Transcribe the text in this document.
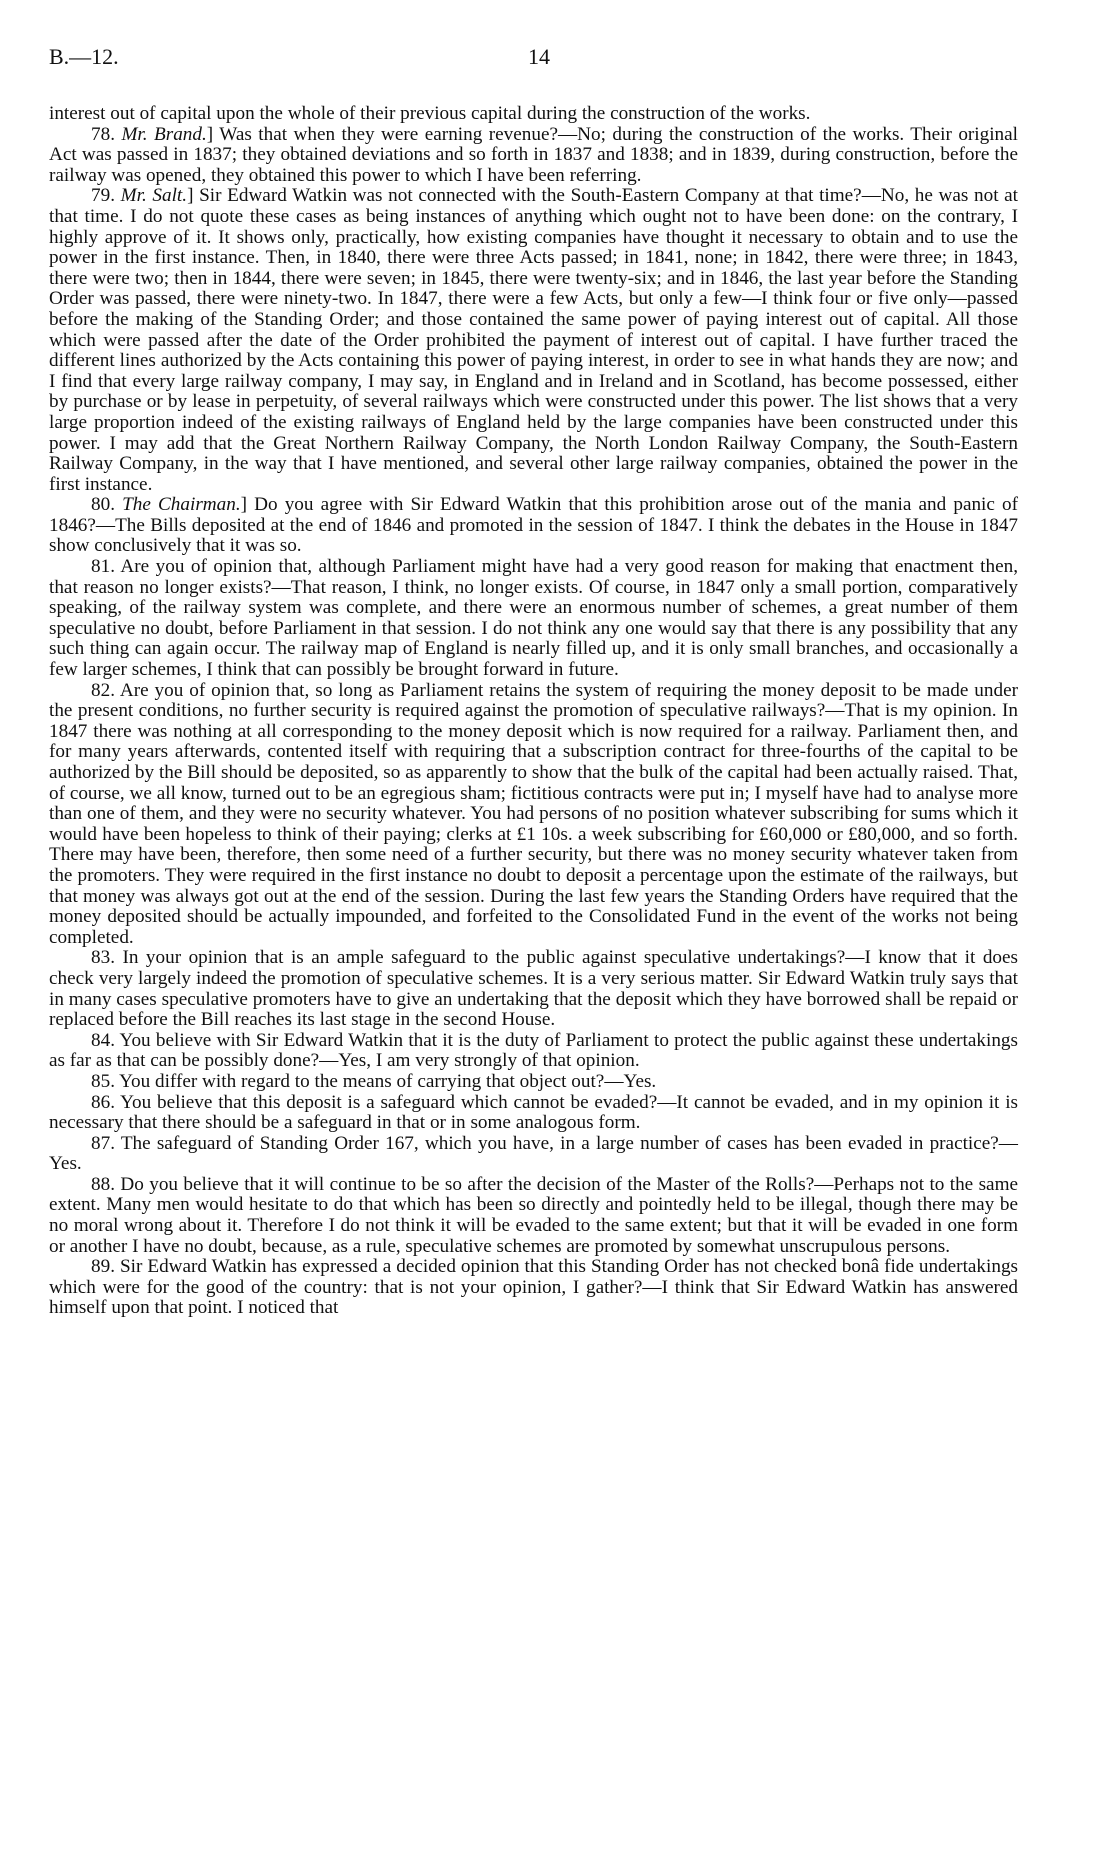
B.—12.	14

interest out of capital upon the whole of their previous capital during the construction of the works.

78. Mr. Brand.] Was that when they were earning revenue?—No; during the construction of the works. Their original Act was passed in 1837; they obtained deviations and so forth in 1837 and 1838; and in 1839, during construction, before the railway was opened, they obtained this power to which I have been referring.

79. Mr. Salt.] Sir Edward Watkin was not connected with the South-Eastern Company at that time?—No, he was not at that time. I do not quote these cases as being instances of anything which ought not to have been done: on the contrary, I highly approve of it. It shows only, practically, how existing companies have thought it necessary to obtain and to use the power in the first instance. Then, in 1840, there were three Acts passed; in 1841, none; in 1842, there were three; in 1843, there were two; then in 1844, there were seven; in 1845, there were twenty-six; and in 1846, the last year before the Standing Order was passed, there were ninety-two. In 1847, there were a few Acts, but only a few—I think four or five only—passed before the making of the Standing Order; and those contained the same power of paying interest out of capital. All those which were passed after the date of the Order prohibited the payment of interest out of capital. I have further traced the different lines authorized by the Acts containing this power of paying interest, in order to see in what hands they are now; and I find that every large railway company, I may say, in England and in Ireland and in Scotland, has become possessed, either by purchase or by lease in perpetuity, of several railways which were constructed under this power. The list shows that a very large proportion indeed of the existing railways of England held by the large companies have been constructed under this power. I may add that the Great Northern Railway Company, the North London Railway Company, the South-Eastern Railway Company, in the way that I have mentioned, and several other large railway companies, obtained the power in the first instance.

80. The Chairman.] Do you agree with Sir Edward Watkin that this prohibition arose out of the mania and panic of 1846?—The Bills deposited at the end of 1846 and promoted in the session of 1847. I think the debates in the House in 1847 show conclusively that it was so.

81. Are you of opinion that, although Parliament might have had a very good reason for making that enactment then, that reason no longer exists?—That reason, I think, no longer exists. Of course, in 1847 only a small portion, comparatively speaking, of the railway system was complete, and there were an enormous number of schemes, a great number of them speculative no doubt, before Parliament in that session. I do not think any one would say that there is any possibility that any such thing can again occur. The railway map of England is nearly filled up, and it is only small branches, and occasionally a few larger schemes, I think that can possibly be brought forward in future.

82. Are you of opinion that, so long as Parliament retains the system of requiring the money deposit to be made under the present conditions, no further security is required against the promotion of speculative railways?—That is my opinion. In 1847 there was nothing at all corresponding to the money deposit which is now required for a railway. Parliament then, and for many years afterwards, contented itself with requiring that a subscription contract for three-fourths of the capital to be authorized by the Bill should be deposited, so as apparently to show that the bulk of the capital had been actually raised. That, of course, we all know, turned out to be an egregious sham; fictitious contracts were put in; I myself have had to analyse more than one of them, and they were no security whatever. You had persons of no position whatever subscribing for sums which it would have been hopeless to think of their paying; clerks at £1 10s. a week subscribing for £60,000 or £80,000, and so forth. There may have been, therefore, then some need of a further security, but there was no money security whatever taken from the promoters. They were required in the first instance no doubt to deposit a percentage upon the estimate of the railways, but that money was always got out at the end of the session. During the last few years the Standing Orders have required that the money deposited should be actually impounded, and forfeited to the Consolidated Fund in the event of the works not being completed.

83. In your opinion that is an ample safeguard to the public against speculative undertakings?—I know that it does check very largely indeed the promotion of speculative schemes. It is a very serious matter. Sir Edward Watkin truly says that in many cases speculative promoters have to give an undertaking that the deposit which they have borrowed shall be repaid or replaced before the Bill reaches its last stage in the second House.

84. You believe with Sir Edward Watkin that it is the duty of Parliament to protect the public against these undertakings as far as that can be possibly done?—Yes, I am very strongly of that opinion.

85. You differ with regard to the means of carrying that object out?—Yes.

86. You believe that this deposit is a safeguard which cannot be evaded?—It cannot be evaded, and in my opinion it is necessary that there should be a safeguard in that or in some analogous form.

87. The safeguard of Standing Order 167, which you have, in a large number of cases has been evaded in practice?—Yes.

88. Do you believe that it will continue to be so after the decision of the Master of the Rolls?—Perhaps not to the same extent. Many men would hesitate to do that which has been so directly and pointedly held to be illegal, though there may be no moral wrong about it. Therefore I do not think it will be evaded to the same extent; but that it will be evaded in one form or another I have no doubt, because, as a rule, speculative schemes are promoted by somewhat unscrupulous persons.

89. Sir Edward Watkin has expressed a decided opinion that this Standing Order has not checked bonâ fide undertakings which were for the good of the country: that is not your opinion, I gather?—I think that Sir Edward Watkin has answered himself upon that point. I noticed that
